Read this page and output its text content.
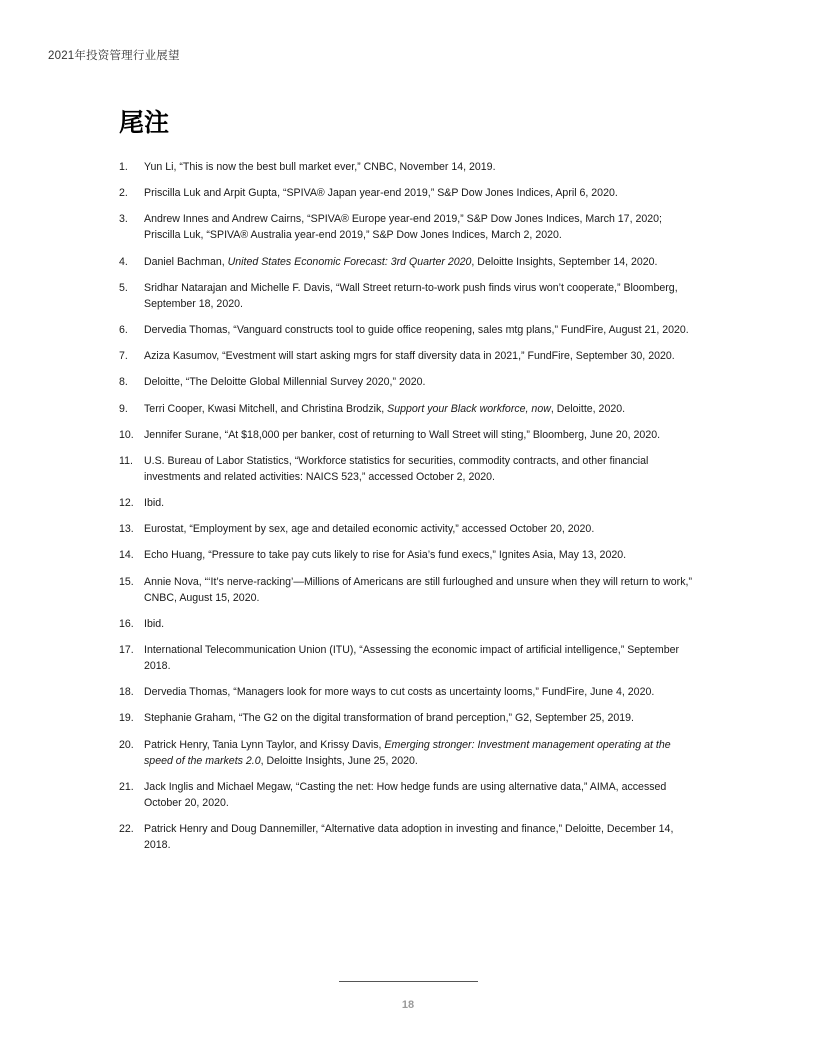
2021年投资管理行业展望
尾注
1.	Yun Li, “This is now the best bull market ever,” CNBC, November 14, 2019.
2.	Priscilla Luk and Arpit Gupta, “SPIVA® Japan year-end 2019,” S&P Dow Jones Indices, April 6, 2020.
3.	Andrew Innes and Andrew Cairns, “SPIVA® Europe year-end 2019,” S&P Dow Jones Indices, March 17, 2020; Priscilla Luk, “SPIVA® Australia year-end 2019,” S&P Dow Jones Indices, March 2, 2020.
4.	Daniel Bachman, United States Economic Forecast: 3rd Quarter 2020, Deloitte Insights, September 14, 2020.
5.	Sridhar Natarajan and Michelle F. Davis, “Wall Street return-to-work push finds virus won’t cooperate,” Bloomberg, September 18, 2020.
6.	Dervedia Thomas, “Vanguard constructs tool to guide office reopening, sales mtg plans,” FundFire, August 21, 2020.
7.	Aziza Kasumov, “Evestment will start asking mgrs for staff diversity data in 2021,” FundFire, September 30, 2020.
8.	Deloitte, “The Deloitte Global Millennial Survey 2020,” 2020.
9.	Terri Cooper, Kwasi Mitchell, and Christina Brodzik, Support your Black workforce, now, Deloitte, 2020.
10. Jennifer Surane, “At $18,000 per banker, cost of returning to Wall Street will sting,” Bloomberg, June 20, 2020.
11.	U.S. Bureau of Labor Statistics, “Workforce statistics for securities, commodity contracts, and other financial investments and related activities: NAICS 523,” accessed October 2, 2020.
12. Ibid.
13. Eurostat, “Employment by sex, age and detailed economic activity,” accessed October 20, 2020.
14. Echo Huang, “Pressure to take pay cuts likely to rise for Asia’s fund execs,” Ignites Asia, May 13, 2020.
15. Annie Nova, “‘It’s nerve-racking’—Millions of Americans are still furloughed and unsure when they will return to work,” CNBC, August 15, 2020.
16. Ibid.
17. International Telecommunication Union (ITU), “Assessing the economic impact of artificial intelligence,” September 2018.
18. Dervedia Thomas, “Managers look for more ways to cut costs as uncertainty looms,” FundFire, June 4, 2020.
19. Stephanie Graham, “The G2 on the digital transformation of brand perception,” G2, September 25, 2019.
20. Patrick Henry, Tania Lynn Taylor, and Krissy Davis, Emerging stronger: Investment management operating at the speed of the markets 2.0, Deloitte Insights, June 25, 2020.
21. Jack Inglis and Michael Megaw, “Casting the net: How hedge funds are using alternative data,” AIMA, accessed October 20, 2020.
22. Patrick Henry and Doug Dannemiller, “Alternative data adoption in investing and finance,” Deloitte, December 14, 2018.
18
